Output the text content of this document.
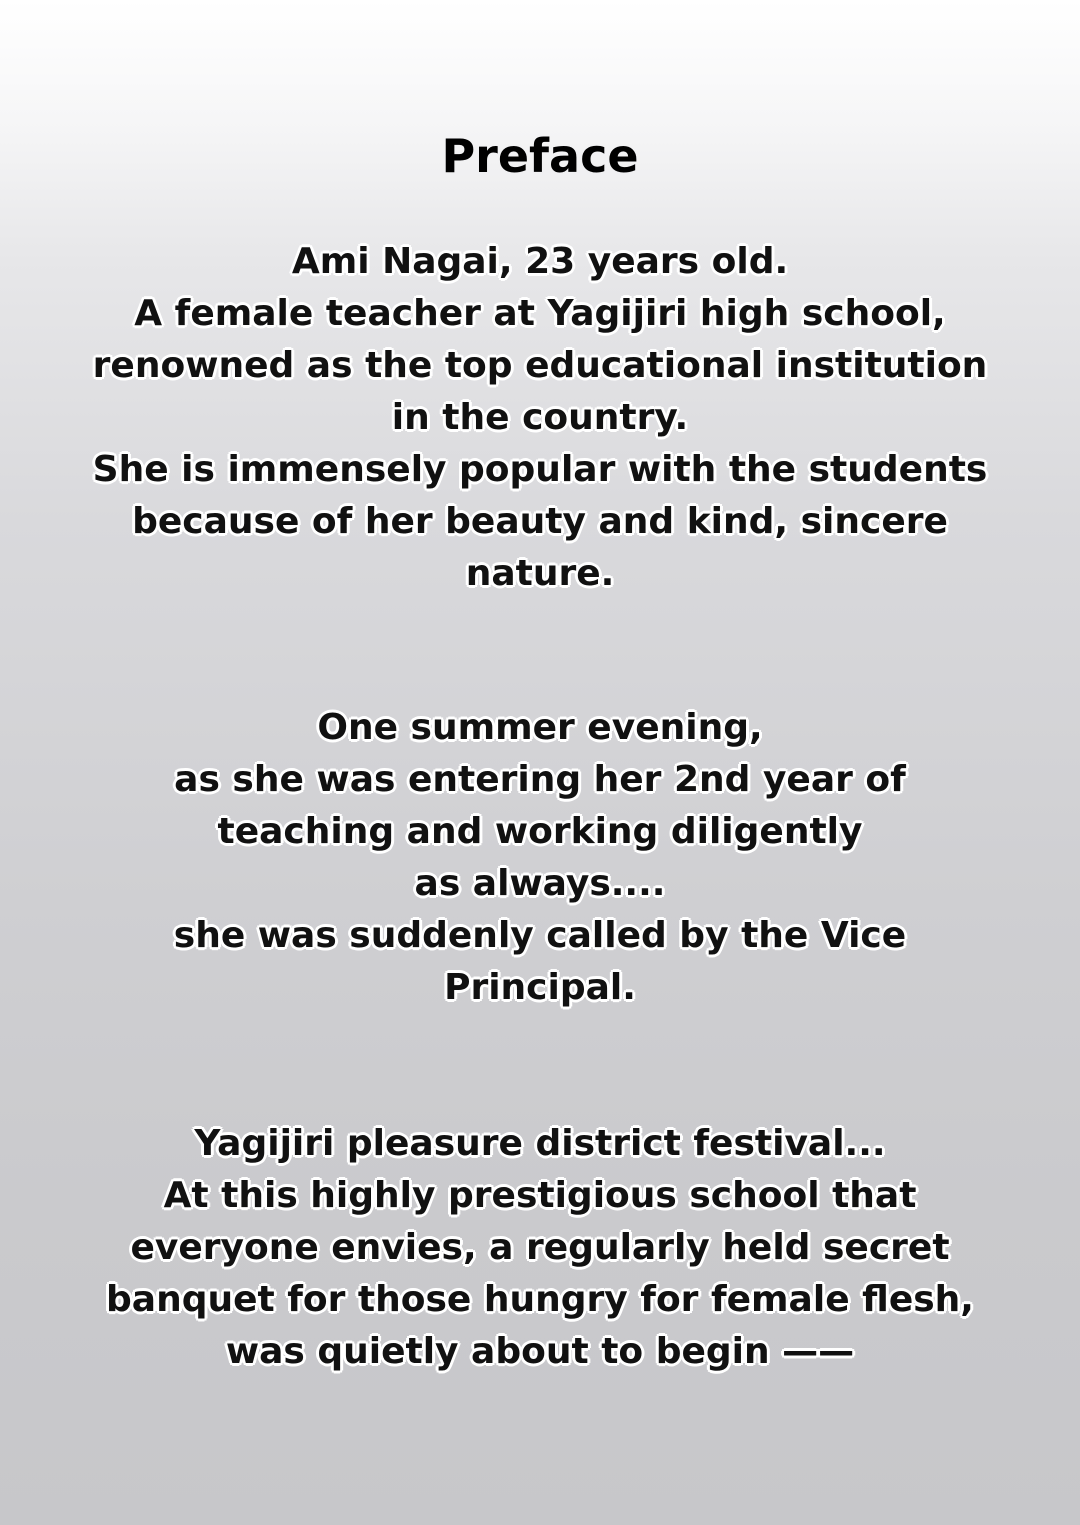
Preface
Ami Nagai, 23 years old.
A female teacher at Yagijiri high school,
renowned as the top educational institution
in the country.
She is immensely popular with the students
because of her beauty and kind, sincere
nature.
One summer evening,
as she was entering her 2nd year of
teaching and working diligently
as always....
she was suddenly called by the Vice
Principal.
Yagijiri pleasure district festival...
At this highly prestigious school that
everyone envies, a regularly held secret
banquet for those hungry for female flesh,
was quietly about to begin ——
